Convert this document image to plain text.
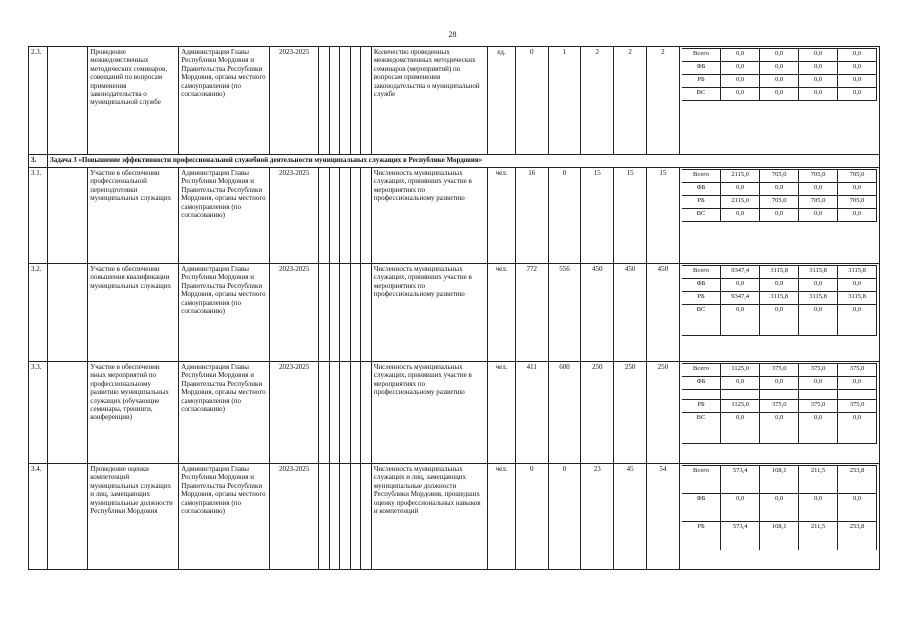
28
2.3.		Проведение межведомственных методических семинаров, совещаний по вопросам применения законодательства о муниципальной службе	Администрация Главы Республики Мордовия и Правительства Республики Мордовия, органы местного самоуправления (по согласованию)	2023-2025						Количество проведенных межведомственных методических семинаров (мероприятий) по вопросам применения законодательства о муниципальной службе	ед.	0	1	2	2	2		Всего	0,0	0,0	0,0	0,0
ФБ	0,0	0,0	0,0	0,0
РБ	0,0	0,0	0,0	0,0
ВС	0,0	0,0	0,0	0,0

3.	Задача 3 «Повышение эффективности профессиональной служебной деятельности муниципальных служащих в Республике Мордовия»
3.1.		Участие в обеспечении профессиональной переподготовки муниципальных служащих	Администрация Главы Республики Мордовия и Правительства Республики Мордовия, органы местного самоуправления (по согласованию)	2023-2025						Численность муниципальных служащих, принявших участие в мероприятиях по профессиональному развитию	чел.	16	0	15	15	15		Всего	2115,0	705,0	705,0	705,0
ФБ	0,0	0,0	0,0	0,0
РБ	2115,0	705,0	705,0	705,0
ВС	0,0	0,0	0,0	0,0

3.2.		Участие в обеспечении повышения квалификации муниципальных служащих	Администрация Главы Республики Мордовия и Правительства Республики Мордовия, органы местного самоуправления (по согласованию)	2023-2025						Численность муниципальных служащих, принявших участие в мероприятиях по профессиональному развитию	чел.	772	556	450	450	450		Всего	9347,4	3115,8	3115,8	3115,8
ФБ	0,0	0,0	0,0	0,0
РБ	9347,4	3115,8	3115,8	3115,8
ВС	0,0	0,0	0,0	0,0

3.3.		Участие в обеспечении иных мероприятий по профессиональному развитию муниципальных служащих (обучающие семинары, тренинги, конференции)	Администрация Главы Республики Мордовия и Правительства Республики Мордовия, органы местного самоуправления (по согласованию)	2023-2025						Численность муниципальных служащих, принявших участие в мероприятиях по профессиональному развитию	чел.	411	600	250	250	250		Всего	1125,0	375,0	375,0	375,0
ФБ	0,0	0,0	0,0	0,0

РБ	1125,0	375,0	375,0	375,0
ВС	0,0	0,0	0,0	0,0

3.4.		Проведение оценки компетенций муниципальных служащих и лиц, замещающих муниципальные должности Республики Мордовия	Администрация Главы Республики Мордовия и Правительства Республики Мордовия, органы местного самоуправления (по согласованию)	2023-2025						Численность муниципальных служащих и лиц, замещающих муниципальные должности Республики Мордовия, прошедших оценку профессиональных навыков и компетенций	чел.	0	0	23	45	54		Всего	573,4	108,1	211,5	253,8
ФБ	0,0	0,0	0,0	0,0
РБ	573,4	108,1	211,5	253,8
